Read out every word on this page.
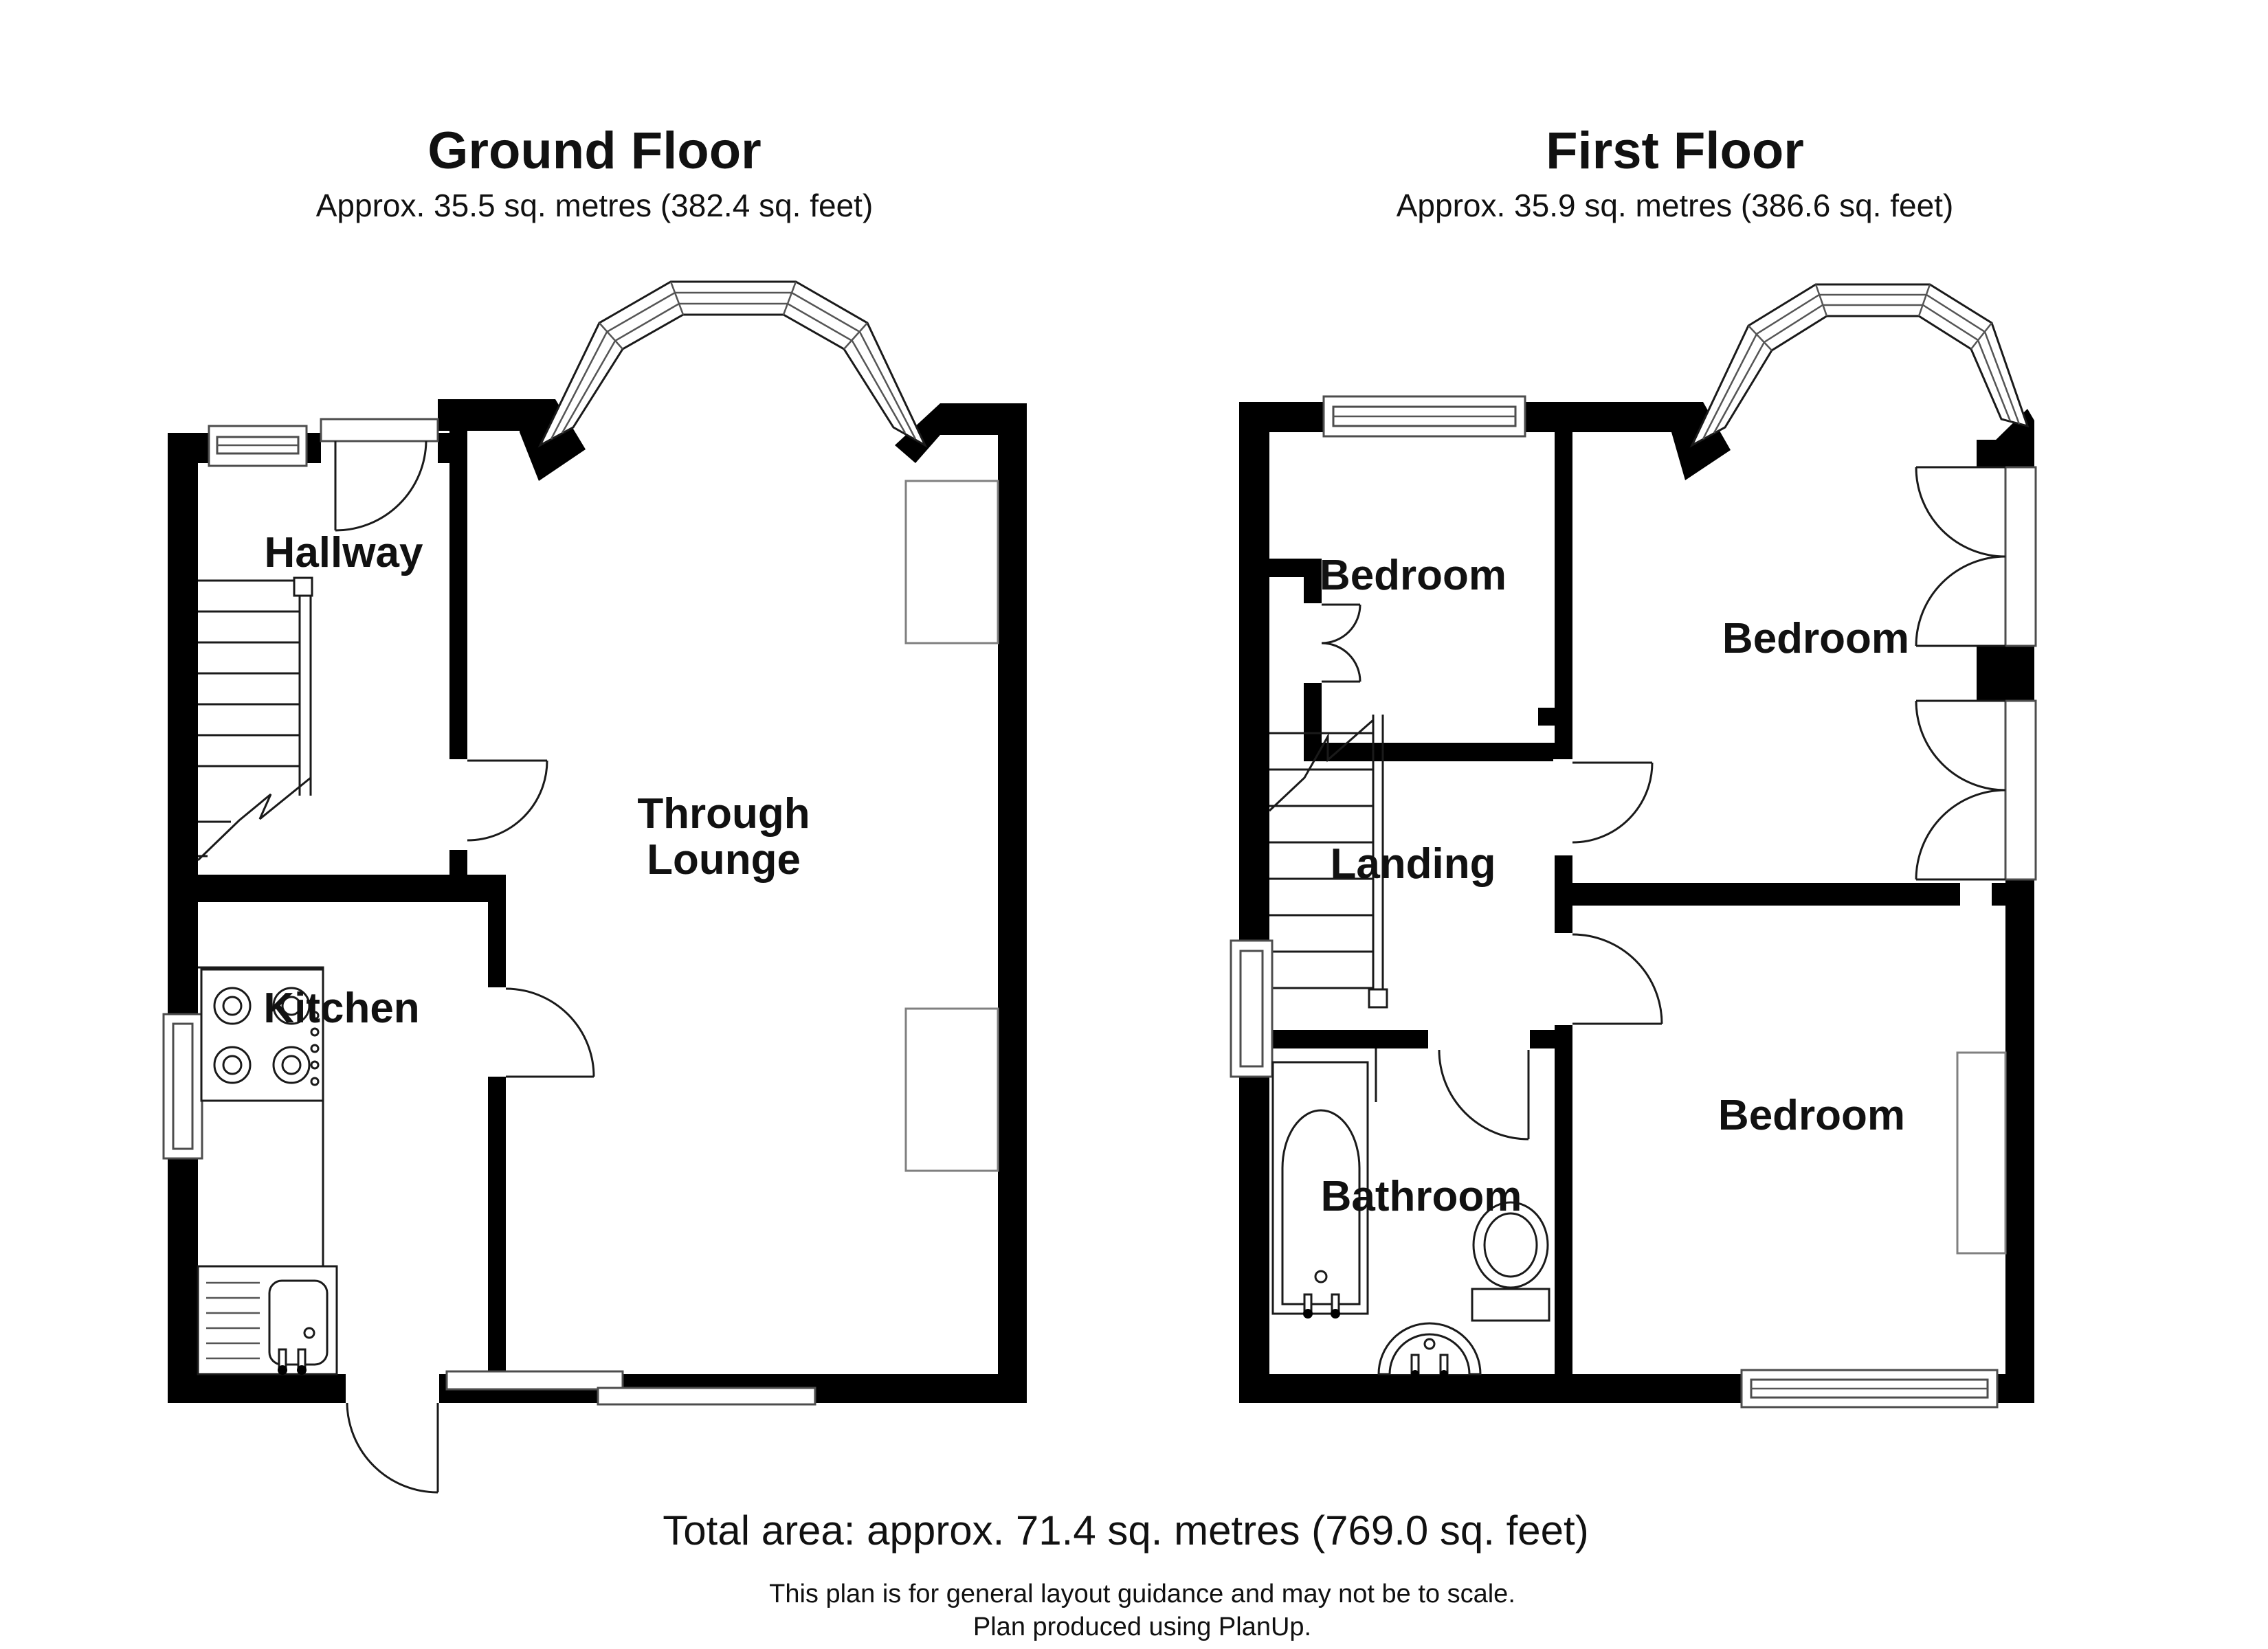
Ground Floor
Approx. 35.5 sq. metres (382.4 sq. feet)
First Floor
Approx. 35.9 sq. metres (386.6 sq. feet)
Hallway
Through
Lounge
Kitchen
Bedroom
Bedroom
Landing
Bathroom
Bedroom
Total area: approx. 71.4 sq. metres (769.0 sq. feet)
This plan is for general layout guidance and may not be to scale.
Plan produced using PlanUp.
